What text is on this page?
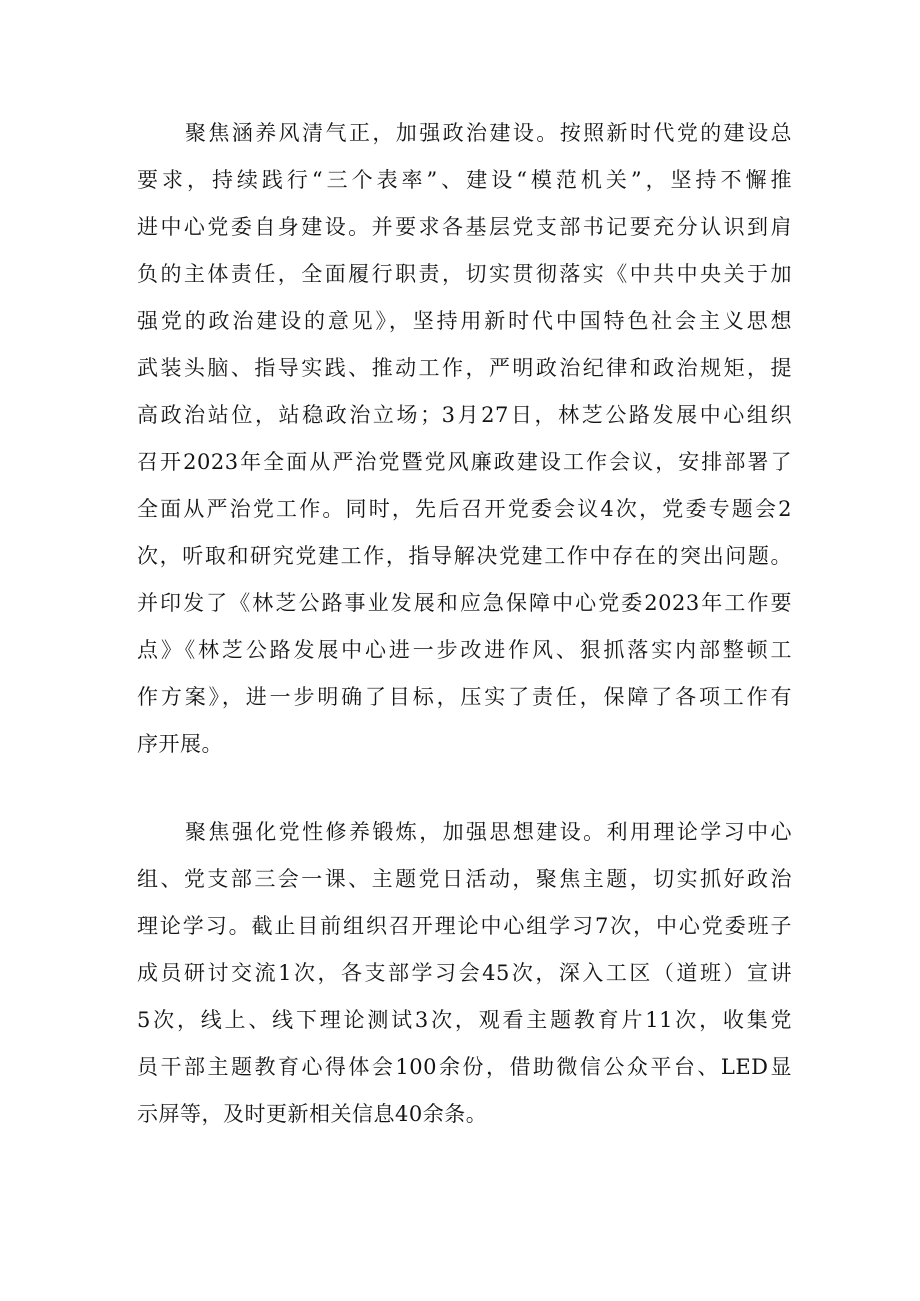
聚焦涵养风清气正，加强政治建设。按照新时代党的建设总
要求，持续践行“三个表率”、建设“模范机关”，坚持不懈推
进中心党委自身建设。并要求各基层党支部书记要充分认识到肩
负的主体责任，全面履行职责，切实贯彻落实《中共中央关于加
强党的政治建设的意见》，坚持用新时代中国特色社会主义思想
武装头脑、指导实践、推动工作，严明政治纪律和政治规矩，提
高政治站位，站稳政治立场；3月27日，林芝公路发展中心组织
召开2023年全面从严治党暨党风廉政建设工作会议，安排部署了
全面从严治党工作。同时，先后召开党委会议4次，党委专题会2
次，听取和研究党建工作，指导解决党建工作中存在的突出问题。
并印发了《林芝公路事业发展和应急保障中心党委2023年工作要
点》《林芝公路发展中心进一步改进作风、狠抓落实内部整顿工
作方案》，进一步明确了目标，压实了责任，保障了各项工作有
序开展。
聚焦强化党性修养锻炼，加强思想建设。利用理论学习中心
组、党支部三会一课、主题党日活动，聚焦主题，切实抓好政治
理论学习。截止目前组织召开理论中心组学习7次，中心党委班子
成员研讨交流1次，各支部学习会45次，深入工区（道班）宣讲
5次，线上、线下理论测试3次，观看主题教育片11次，收集党
员干部主题教育心得体会100余份，借助微信公众平台、LED显
示屏等，及时更新相关信息40余条。
